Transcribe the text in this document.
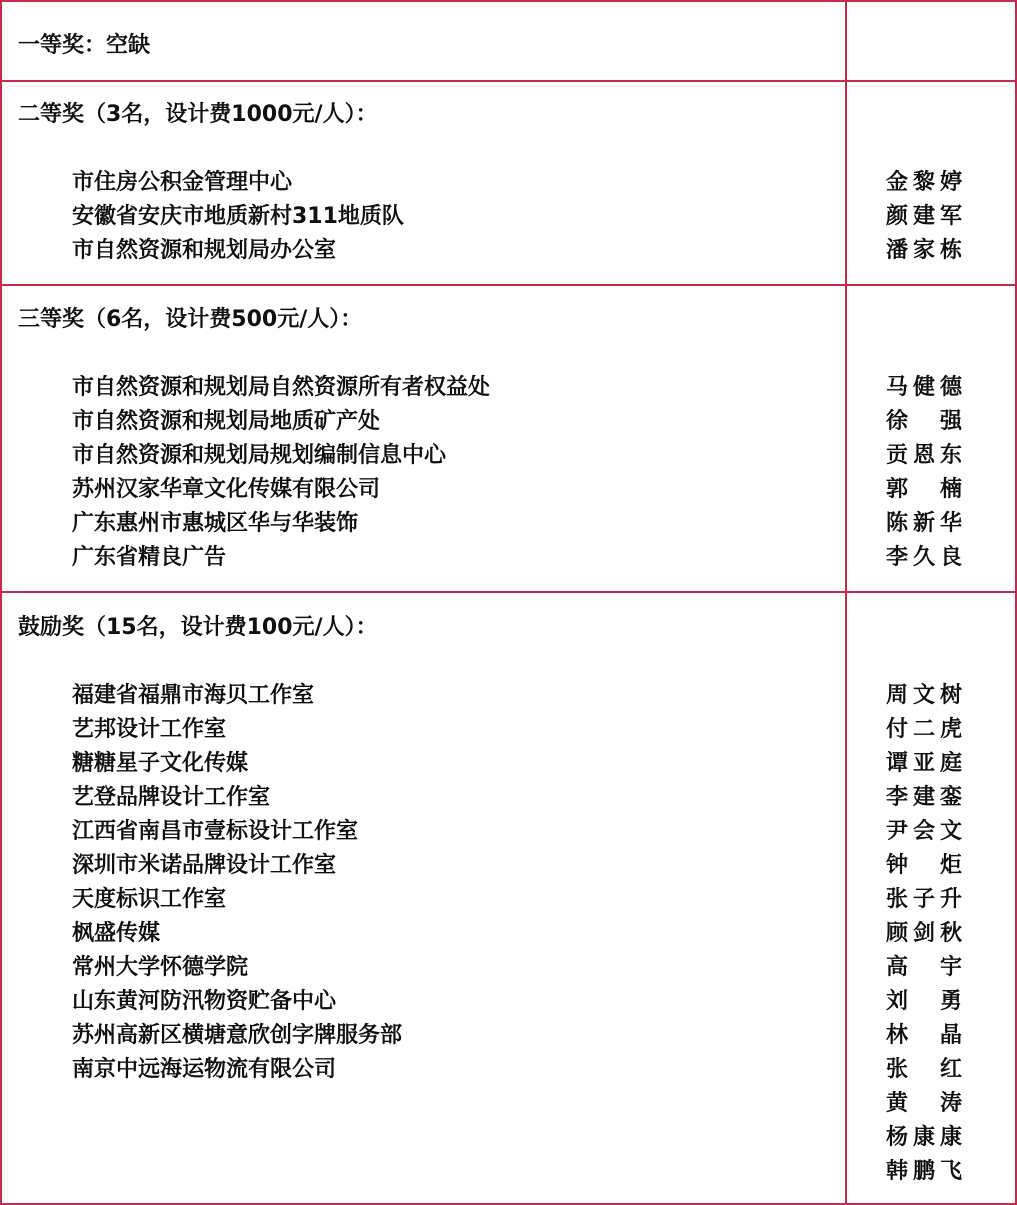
一等奖：空缺
二等奖（3名，设计费1000元/人）：
市住房公积金管理中心
安徽省安庆市地质新村311地质队
市自然资源和规划局办公室
金黎婷
颜建军
潘家栋
三等奖（6名，设计费500元/人）：
市自然资源和规划局自然资源所有者权益处
市自然资源和规划局地质矿产处
市自然资源和规划局规划编制信息中心
苏州汉家华章文化传媒有限公司
广东惠州市惠城区华与华装饰
广东省精良广告
马健德
徐强
贡恩东
郭楠
陈新华
李久良
鼓励奖（15名，设计费100元/人）：
福建省福鼎市海贝工作室
艺邦设计工作室
糖糖星子文化传媒
艺登品牌设计工作室
江西省南昌市壹标设计工作室
深圳市米诺品牌设计工作室
天度标识工作室
枫盛传媒
常州大学怀德学院
山东黄河防汛物资贮备中心
苏州高新区横塘意欣创字牌服务部
南京中远海运物流有限公司
周文树
付二虎
谭亚庭
李建銮
尹会文
钟炬
张子升
顾剑秋
高宇
刘勇
林晶
张红
黄涛
杨康康
韩鹏飞
